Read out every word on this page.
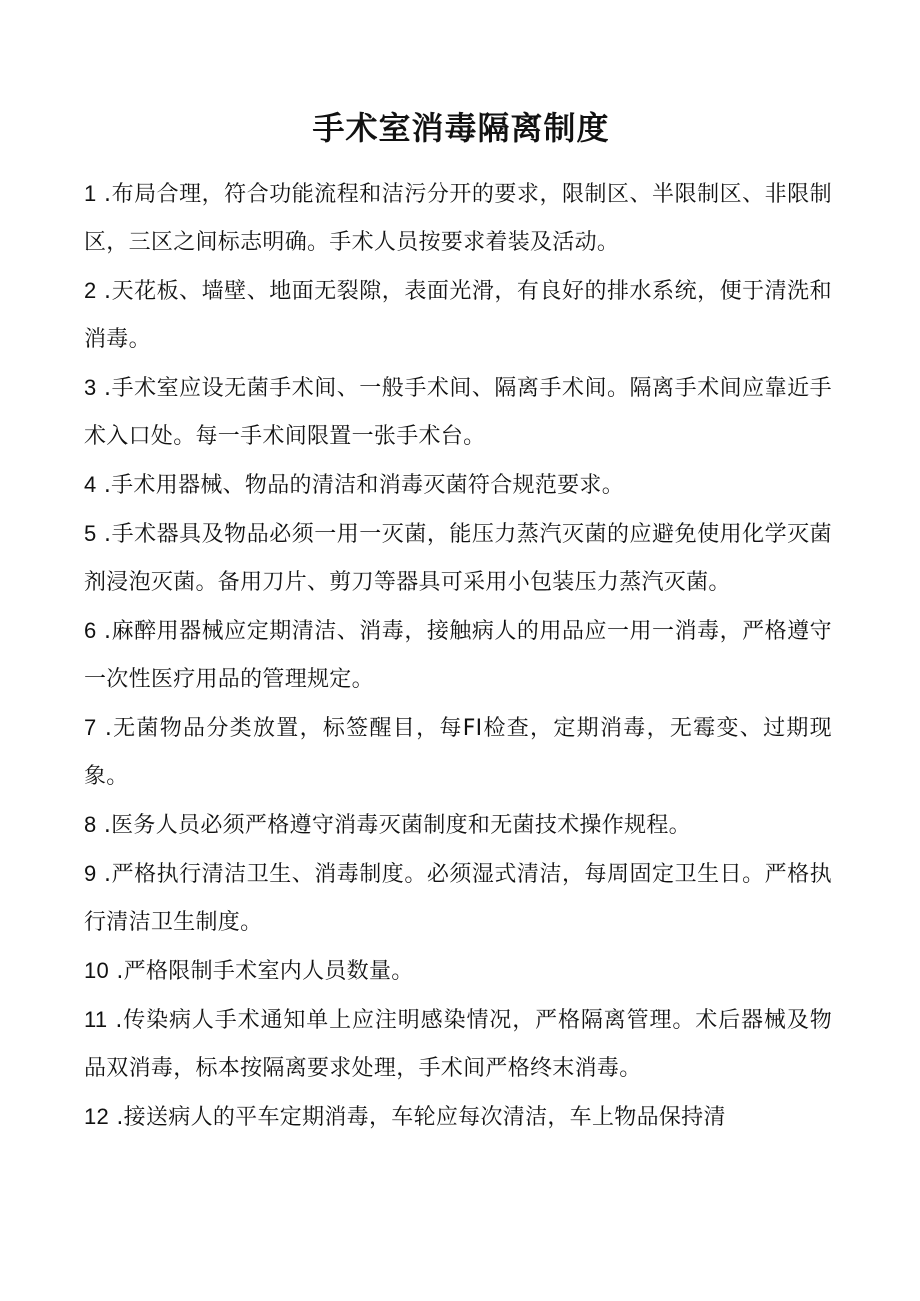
手术室消毒隔离制度
1 .布局合理，符合功能流程和洁污分开的要求，限制区、半限制区、非限制区，三区之间标志明确。手术人员按要求着装及活动。
2 .天花板、墙壁、地面无裂隙，表面光滑，有良好的排水系统，便于清洗和消毒。
3 .手术室应设无菌手术间、一般手术间、隔离手术间。隔离手术间应靠近手术入口处。每一手术间限置一张手术台。
4 .手术用器械、物品的清洁和消毒灭菌符合规范要求。
5 .手术器具及物品必须一用一灭菌，能压力蒸汽灭菌的应避免使用化学灭菌剂浸泡灭菌。备用刀片、剪刀等器具可采用小包装压力蒸汽灭菌。
6 .麻醉用器械应定期清洁、消毒，接触病人的用品应一用一消毒，严格遵守一次性医疗用品的管理规定。
7 .无菌物品分类放置，标签醒目，每FI检查，定期消毒，无霉变、过期现象。
8 .医务人员必须严格遵守消毒灭菌制度和无菌技术操作规程。
9 .严格执行清洁卫生、消毒制度。必须湿式清洁，每周固定卫生日。严格执行清洁卫生制度。
10 .严格限制手术室内人员数量。
11 .传染病人手术通知单上应注明感染情况，严格隔离管理。术后器械及物品双消毒，标本按隔离要求处理，手术间严格终末消毒。
12 .接送病人的平车定期消毒，车轮应每次清洁，车上物品保持清
